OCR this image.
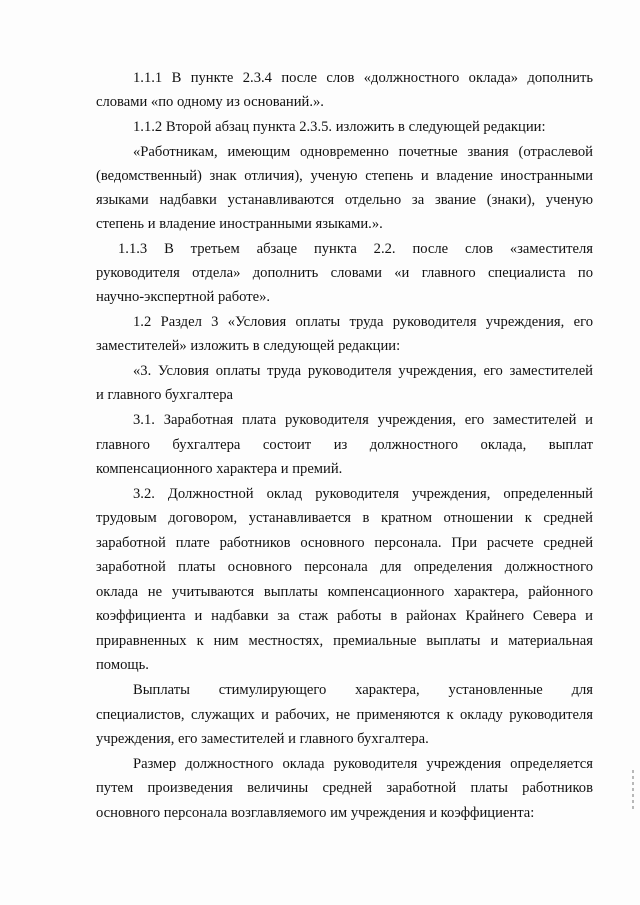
1.1.1 В пункте 2.3.4 после слов «должностного оклада» дополнить
словами «по одному из оснований.».
1.1.2 Второй абзац пункта 2.3.5. изложить в следующей редакции:
«Работникам, имеющим одновременно почетные звания (отраслевой
(ведомственный) знак отличия), ученую степень и владение иностранными
языками надбавки устанавливаются отдельно за звание (знаки), ученую
степень и владение иностранными языками.».
1.1.3 В третьем абзаце пункта 2.2. после слов «заместителя
руководителя отдела» дополнить словами «и главного специалиста по
научно-экспертной работе».
1.2 Раздел 3 «Условия оплаты труда руководителя учреждения, его
заместителей» изложить в следующей редакции:
«3. Условия оплаты труда руководителя учреждения, его заместителей
и главного бухгалтера
3.1. Заработная плата руководителя учреждения, его заместителей и
главного бухгалтера состоит из должностного оклада, выплат
компенсационного характера и премий.
3.2. Должностной оклад руководителя учреждения, определенный
трудовым договором, устанавливается в кратном отношении к средней
заработной плате работников основного персонала. При расчете средней
заработной платы основного персонала для определения должностного
оклада не учитываются выплаты компенсационного характера, районного
коэффициента и надбавки за стаж работы в районах Крайнего Севера и
приравненных к ним местностях, премиальные выплаты и материальная
помощь.
Выплаты стимулирующего характера, установленные для
специалистов, служащих и рабочих, не применяются к окладу руководителя
учреждения, его заместителей и главного бухгалтера.
Размер должностного оклада руководителя учреждения определяется
путем произведения величины средней заработной платы работников
основного персонала возглавляемого им учреждения и коэффициента:
